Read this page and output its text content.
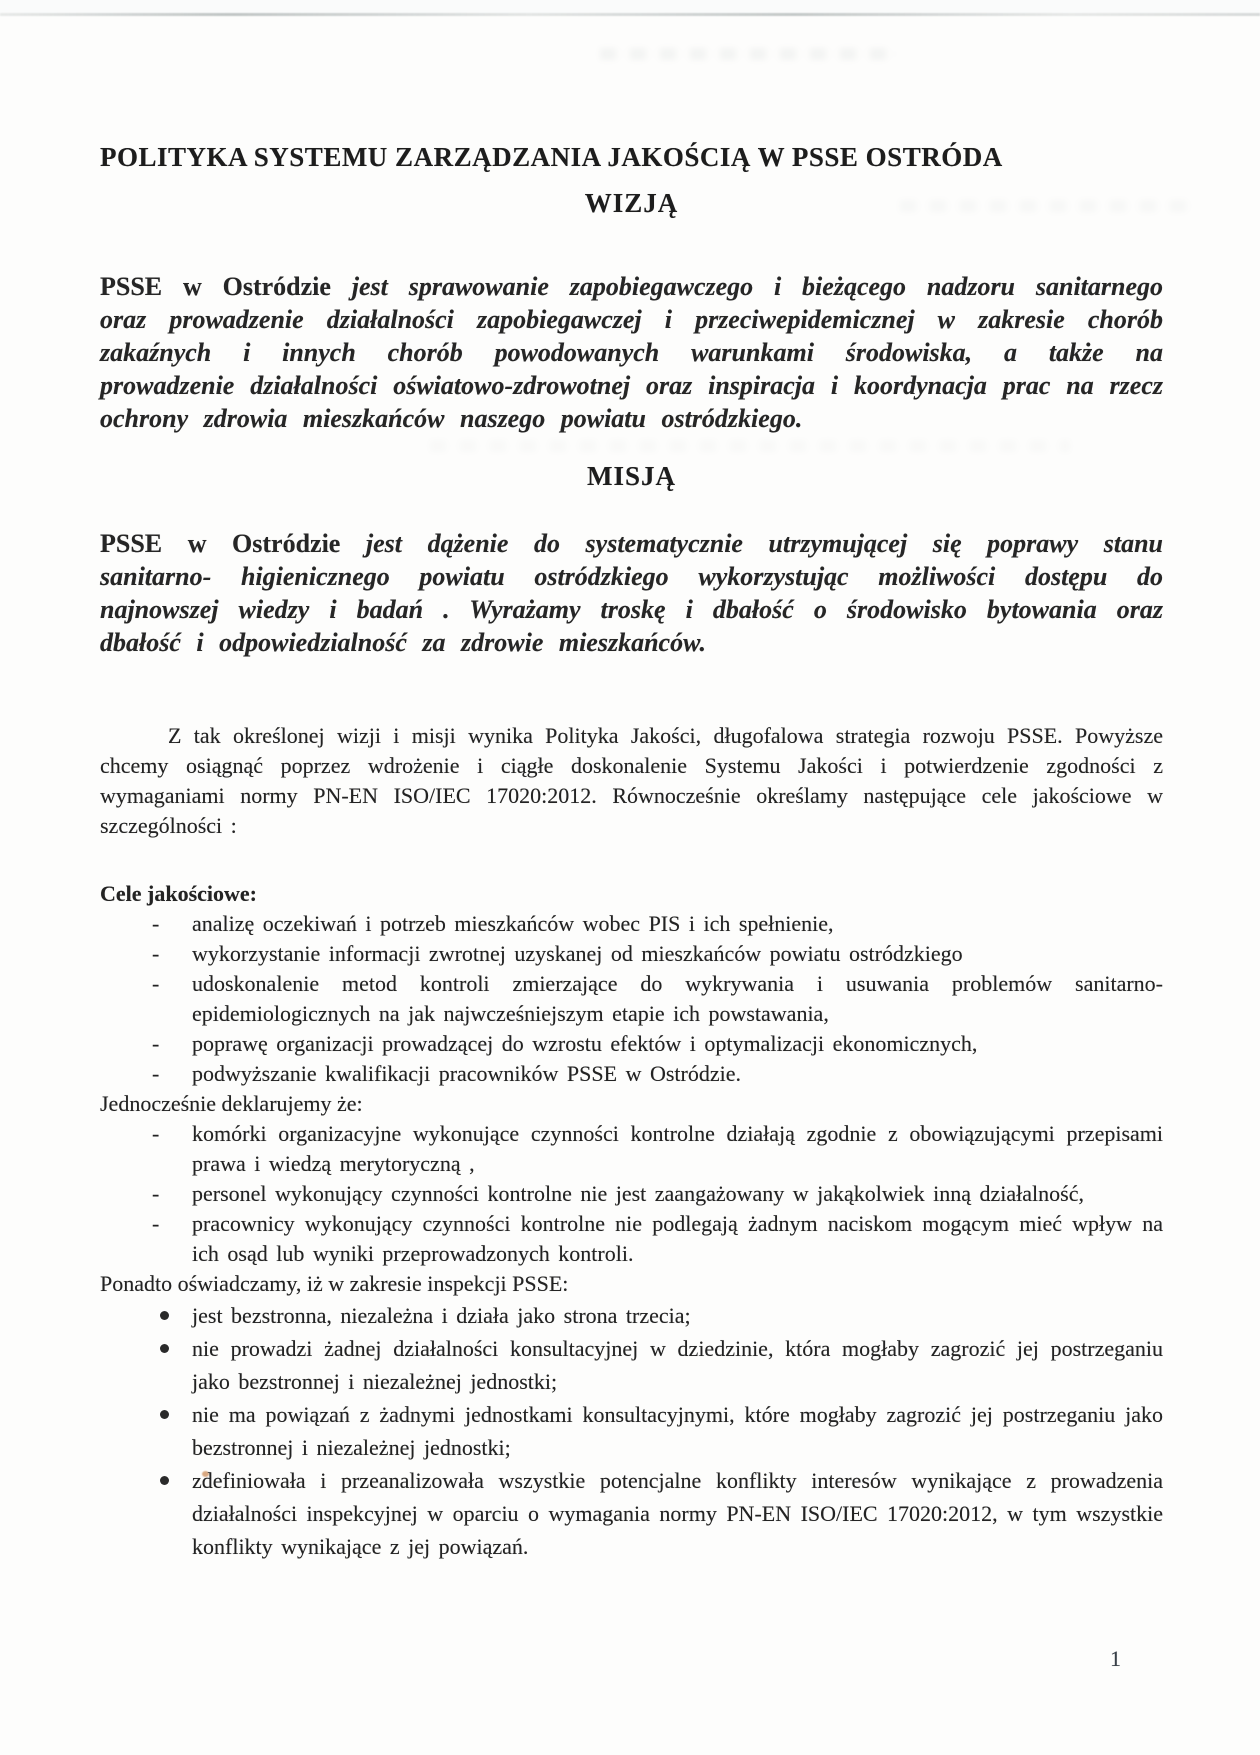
POLITYKA SYSTEMU ZARZĄDZANIA JAKOŚCIĄ W PSSE OSTRÓDA
WIZJĄ

PSSE w Ostródzie jest sprawowanie zapobiegawczego i bieżącego nadzoru sanitarnego oraz prowadzenie działalności zapobiegawczej i przeciwepidemicznej w zakresie chorób zakaźnych i innych chorób powodowanych warunkami środowiska, a także na prowadzenie działalności oświatowo-zdrowotnej oraz inspiracja i koordynacja prac na rzecz ochrony zdrowia mieszkańców naszego powiatu ostródzkiego.

MISJĄ

PSSE w Ostródzie jest dążenie do systematycznie utrzymującej się poprawy stanu sanitarno- higienicznego powiatu ostródzkiego wykorzystując możliwości dostępu do najnowszej wiedzy i badań . Wyrażamy troskę i dbałość o środowisko bytowania oraz dbałość i odpowiedzialność za zdrowie mieszkańców.

Z tak określonej wizji i misji wynika Polityka Jakości, długofalowa strategia rozwoju PSSE. Powyższe chcemy osiągnąć poprzez wdrożenie i ciągłe doskonalenie Systemu Jakości i potwierdzenie zgodności z wymaganiami normy PN-EN ISO/IEC 17020:2012. Równocześnie określamy następujące cele jakościowe w szczególności :

Cele jakościowe:
- analizę oczekiwań i potrzeb mieszkańców wobec PIS i ich spełnienie,
- wykorzystanie informacji zwrotnej uzyskanej od mieszkańców powiatu ostródzkiego
- udoskonalenie metod kontroli zmierzające do wykrywania i usuwania problemów sanitarno-epidemiologicznych na jak najwcześniejszym etapie ich powstawania,
- poprawę organizacji prowadzącej do wzrostu efektów i optymalizacji ekonomicznych,
- podwyższanie kwalifikacji pracowników PSSE w Ostródzie.
Jednocześnie deklarujemy że:
- komórki organizacyjne wykonujące czynności kontrolne działają zgodnie z obowiązującymi przepisami prawa i wiedzą merytoryczną ,
- personel wykonujący czynności kontrolne nie jest zaangażowany w jakąkolwiek inną działalność,
- pracownicy wykonujący czynności kontrolne nie podlegają żadnym naciskom mogącym mieć wpływ na ich osąd lub wyniki przeprowadzonych kontroli.
Ponadto oświadczamy, iż w zakresie inspekcji PSSE:
jest bezstronna, niezależna i działa jako strona trzecia;
nie prowadzi żadnej działalności konsultacyjnej w dziedzinie, która mogłaby zagrozić jej postrzeganiu jako bezstronnej i niezależnej jednostki;
nie ma powiązań z żadnymi jednostkami konsultacyjnymi, które mogłaby zagrozić jej postrzeganiu jako bezstronnej i niezależnej jednostki;
zdefiniowała i przeanalizowała wszystkie potencjalne konflikty interesów wynikające z prowadzenia działalności inspekcyjnej w oparciu o wymagania normy PN-EN ISO/IEC 17020:2012, w tym wszystkie konflikty wynikające z jej powiązań.
1
